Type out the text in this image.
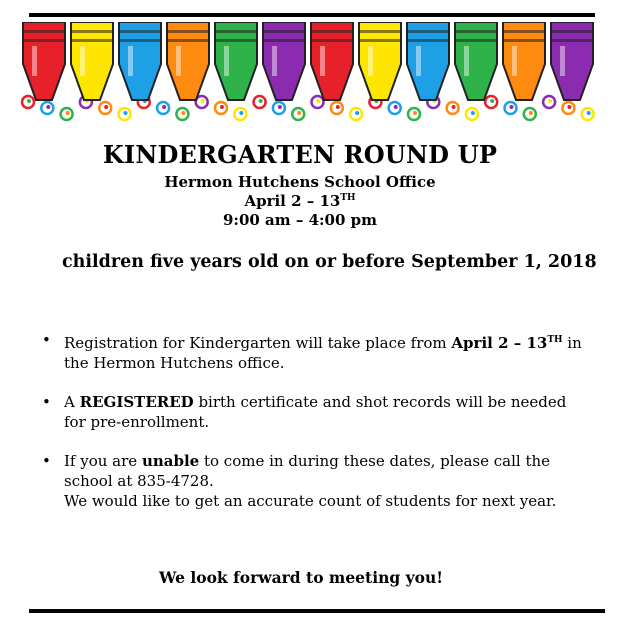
KINDERGARTEN ROUND UP
Hermon Hutchens School Office
April 2 – 13TH
9:00 am – 4:00 pm
children five years old on or before September 1, 2018
• Registration for Kindergarten will take place from April 2 – 13TH in the Hermon Hutchens office.
• A REGISTERED birth certificate and shot records will be needed for pre-enrollment.
• If you are unable to come in during these dates, please call the school at 835-4728.
We would like to get an accurate count of students for next year.
We look forward to meeting you!
